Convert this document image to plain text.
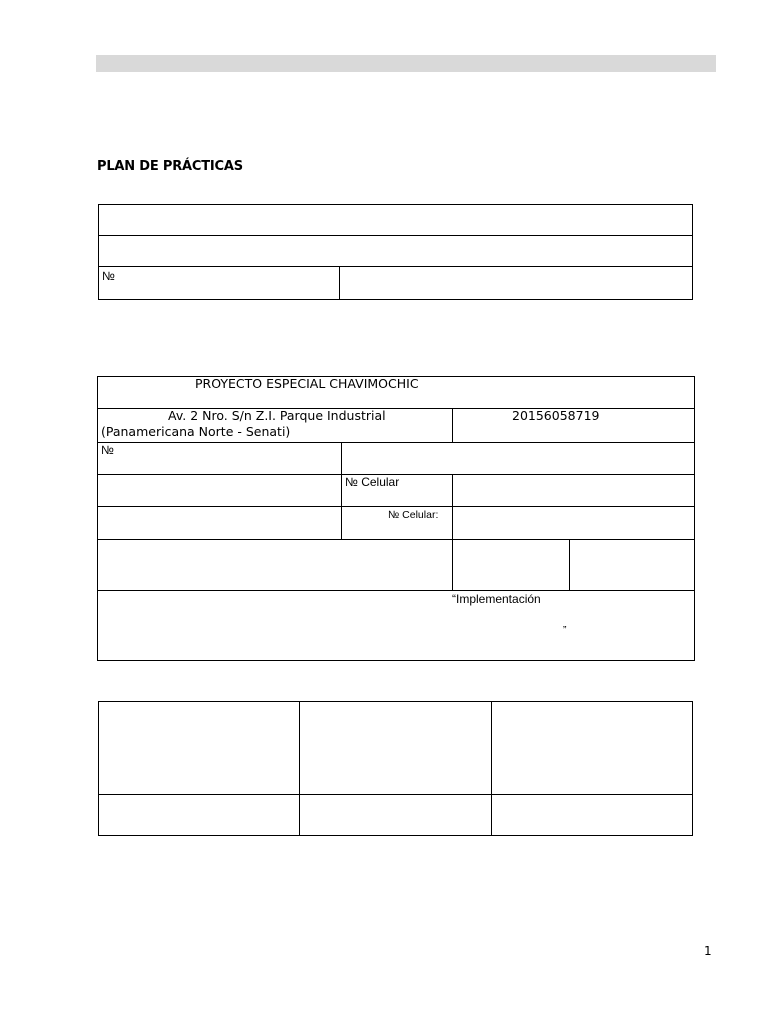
PLAN DE PRÁCTICAS
№
PROYECTO ESPECIAL CHAVIMOCHIC
Av. 2 Nro. S/n Z.I. Parque Industrial
(Panamericana Norte - Senati)
20156058719
№
№ Celular
№ Celular:
“Implementación
”
1
